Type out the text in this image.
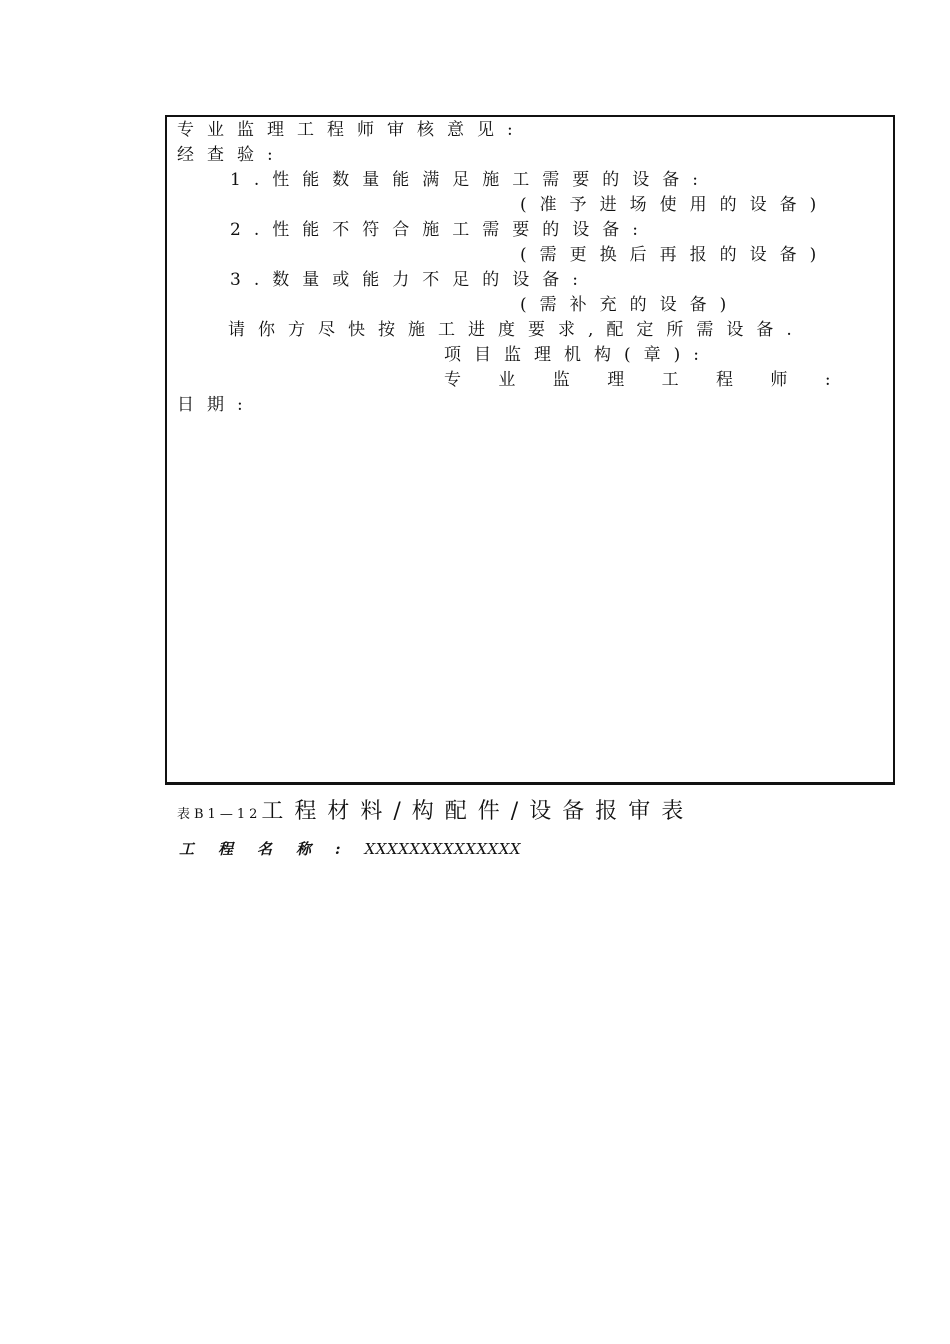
专业监理工程师审核意见:
经查验:
1.性能数量能满足施工需要的设备:
(准予进场使用的设备)
2.性能不符合施工需要的设备:
(需更换后再报的设备)
3.数量或能力不足的设备:
(需补充的设备)
请你方尽快按施工进度要求,配定所需设备.
项目监理机构(章):
专 业 监 理 工 程 师 :
日期:
表B1—12工程材料/构配件/设备报审表
工程名称:XXXXXXXXXXXXXX
